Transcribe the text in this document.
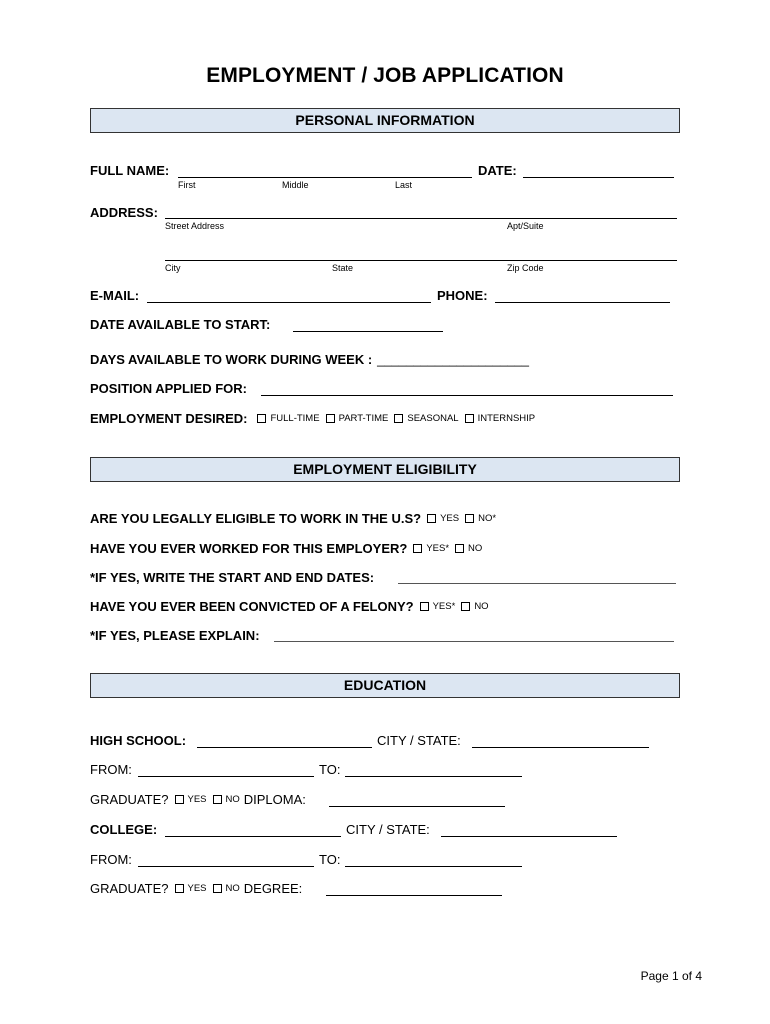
EMPLOYMENT / JOB APPLICATION
PERSONAL INFORMATION
FULL NAME:	DATE:
First	Middle	Last
ADDRESS:
Street Address	Apt/Suite
City	State	Zip Code
E-MAIL:	PHONE:
DATE AVAILABLE TO START:
DAYS AVAILABLE TO WORK DURING WEEK : _____________________
POSITION APPLIED FOR:
EMPLOYMENT DESIRED: FULL-TIME PART-TIME SEASONAL INTERNSHIP
EMPLOYMENT ELIGIBILITY
ARE YOU LEGALLY ELIGIBLE TO WORK IN THE U.S? YES NO*
HAVE YOU EVER WORKED FOR THIS EMPLOYER? YES* NO
*IF YES, WRITE THE START AND END DATES:
HAVE YOU EVER BEEN CONVICTED OF A FELONY? YES* NO
*IF YES, PLEASE EXPLAIN:
EDUCATION
HIGH SCHOOL:	CITY / STATE:
FROM:	TO:
GRADUATE? YES NO DIPLOMA:
COLLEGE:	CITY / STATE:
FROM:	TO:
GRADUATE? YES NO DEGREE:
Page 1 of 4
